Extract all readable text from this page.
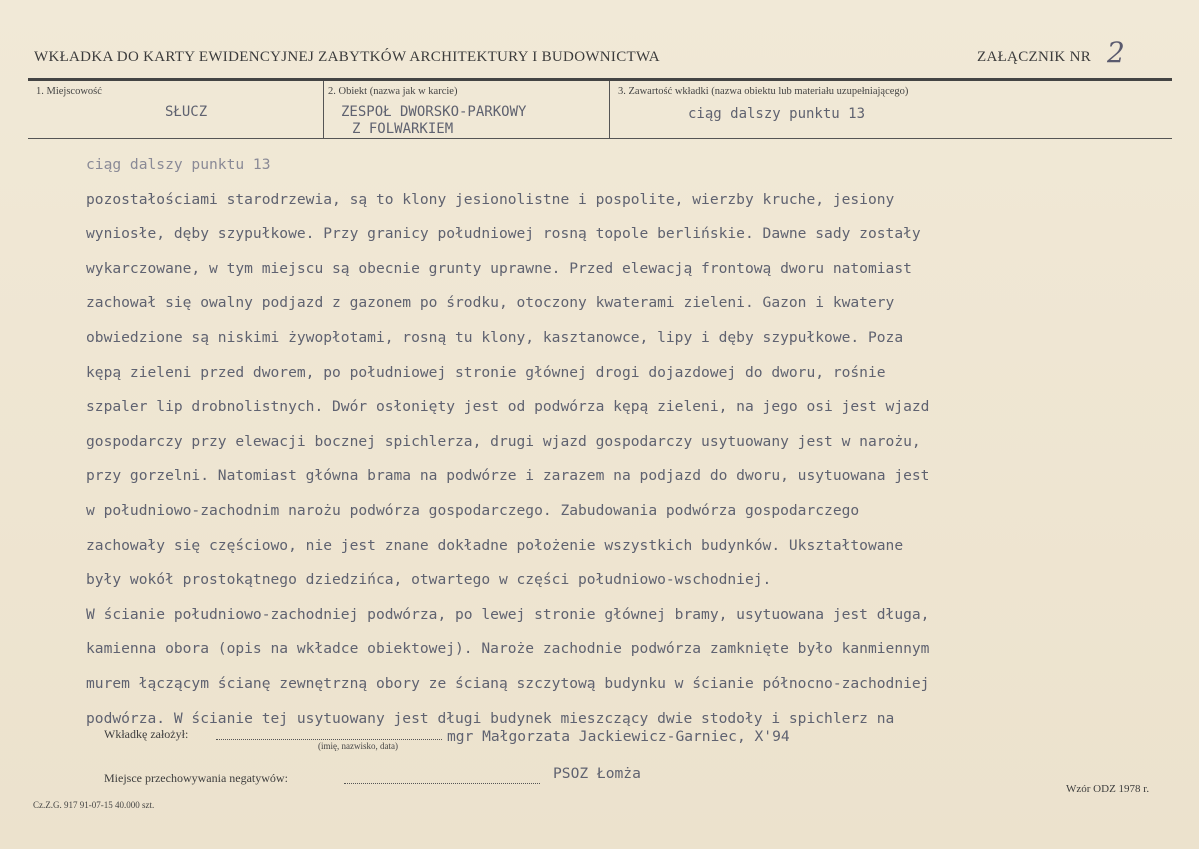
WKŁADKA DO KARTY EWIDENCYJNEJ ZABYTKÓW ARCHITEKTURY I BUDOWNICTWA	ZAŁĄCZNIK NR 2
1. Miejscowość
SŁUCZ
2. Obiekt (nazwa jak w karcie)
ZESPOŁ DWORSKO-PARKOWY
Z FOLWARKIEM
3. Zawartość wkładki (nazwa obiektu lub materiału uzupełniającego)
ciąg dalszy punktu 13
ciąg dalszy punktu 13
pozostałościami starodrzewia, są to klony jesionolistne i pospolite, wierzby kruche, jesiony
wyniosłe, dęby szypułkowe. Przy granicy południowej rosną topole berlińskie. Dawne sady zostały
wykarczowane, w tym miejscu są obecnie grunty uprawne. Przed elewacją frontową dworu natomiast
zachował się owalny podjazd z gazonem po środku, otoczony kwaterami zieleni. Gazon i kwatery
obwiedzione są niskimi żywopłotami, rosną tu klony, kasztanowce, lipy i dęby szypułkowe. Poza
kępą zieleni przed dworem, po południowej stronie głównej drogi dojazdowej do dworu, rośnie
szpaler lip drobnolistnych. Dwór osłonięty jest od podwórza kępą zieleni, na jego osi jest wjazd
gospodarczy przy elewacji bocznej spichlerza, drugi wjazd gospodarczy usytuowany jest w narożu,
przy gorzelni. Natomiast główna brama na podwórze i zarazem na podjazd do dworu, usytuowana jest
w południowo-zachodnim narożu podwórza gospodarczego. Zabudowania podwórza gospodarczego
zachowały się częściowo, nie jest znane dokładne położenie wszystkich budynków. Ukształtowane
były wokół prostokątnego dziedzińca, otwartego w części południowo-wschodniej.
W ścianie południowo-zachodniej podwórza, po lewej stronie głównej bramy, usytuowana jest długa,
kamienna obora (opis na wkładce obiektowej). Naroże zachodnie podwórza zamknięte było kanmiennym
murem łączącym ścianę zewnętrzną obory ze ścianą szczytową budynku w ścianie północno-zachodniej
podwórza. W ścianie tej usytuowany jest długi budynek mieszczący dwie stodoły i spichlerz na
Wkładkę założył:
(imię, nazwisko, data)
mgr Małgorzata Jackiewicz-Garniec, X'94
Miejsce przechowywania negatywów:	PSOZ Łomża
Cz.Z.G. 917 91-07-15 40.000 szt.
Wzór ODZ 1978 r.
